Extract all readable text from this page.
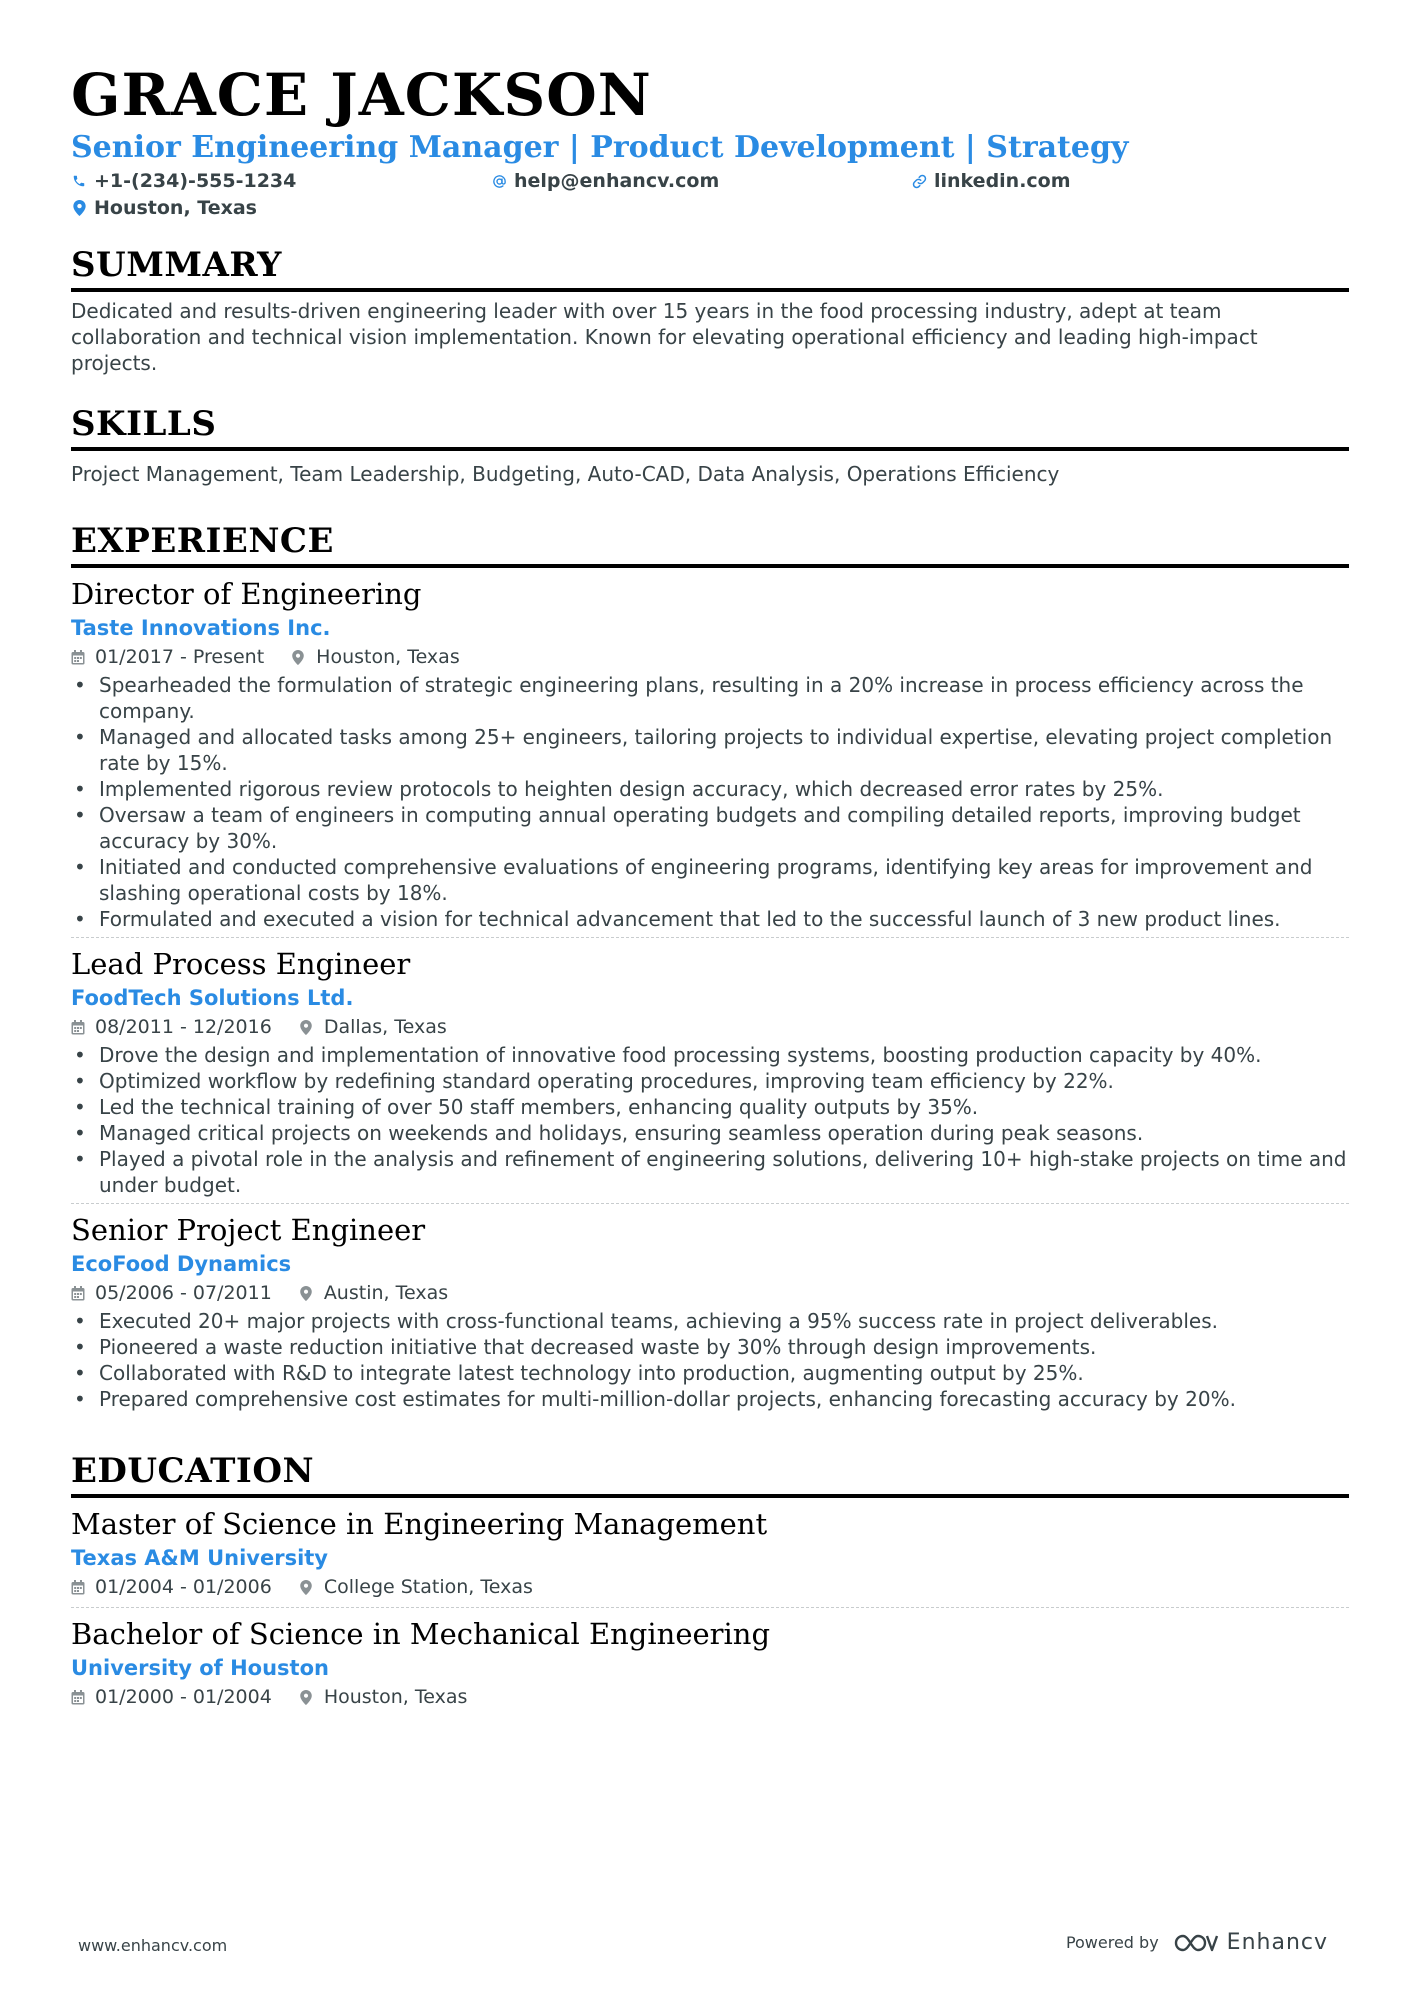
GRACE JACKSON
Senior Engineering Manager | Product Development | Strategy
+1-(234)-555-1234	help@enhancv.com	linkedin.com
Houston, Texas
SUMMARY
Dedicated and results-driven engineering leader with over 15 years in the food processing industry, adept at team collaboration and technical vision implementation. Known for elevating operational efficiency and leading high-impact projects.
SKILLS
Project Management, Team Leadership, Budgeting, Auto-CAD, Data Analysis, Operations Efficiency
EXPERIENCE
Director of Engineering
Taste Innovations Inc.
01/2017 - Present	Houston, Texas
• Spearheaded the formulation of strategic engineering plans, resulting in a 20% increase in process efficiency across the company.
• Managed and allocated tasks among 25+ engineers, tailoring projects to individual expertise, elevating project completion rate by 15%.
• Implemented rigorous review protocols to heighten design accuracy, which decreased error rates by 25%.
• Oversaw a team of engineers in computing annual operating budgets and compiling detailed reports, improving budget accuracy by 30%.
• Initiated and conducted comprehensive evaluations of engineering programs, identifying key areas for improvement and slashing operational costs by 18%.
• Formulated and executed a vision for technical advancement that led to the successful launch of 3 new product lines.
Lead Process Engineer
FoodTech Solutions Ltd.
08/2011 - 12/2016	Dallas, Texas
• Drove the design and implementation of innovative food processing systems, boosting production capacity by 40%.
• Optimized workflow by redefining standard operating procedures, improving team efficiency by 22%.
• Led the technical training of over 50 staff members, enhancing quality outputs by 35%.
• Managed critical projects on weekends and holidays, ensuring seamless operation during peak seasons.
• Played a pivotal role in the analysis and refinement of engineering solutions, delivering 10+ high-stake projects on time and under budget.
Senior Project Engineer
EcoFood Dynamics
05/2006 - 07/2011	Austin, Texas
• Executed 20+ major projects with cross-functional teams, achieving a 95% success rate in project deliverables.
• Pioneered a waste reduction initiative that decreased waste by 30% through design improvements.
• Collaborated with R&D to integrate latest technology into production, augmenting output by 25%.
• Prepared comprehensive cost estimates for multi-million-dollar projects, enhancing forecasting accuracy by 20%.
EDUCATION
Master of Science in Engineering Management
Texas A&M University
01/2004 - 01/2006	College Station, Texas
Bachelor of Science in Mechanical Engineering
University of Houston
01/2000 - 01/2004	Houston, Texas
www.enhancv.com	Powered by	Enhancv
